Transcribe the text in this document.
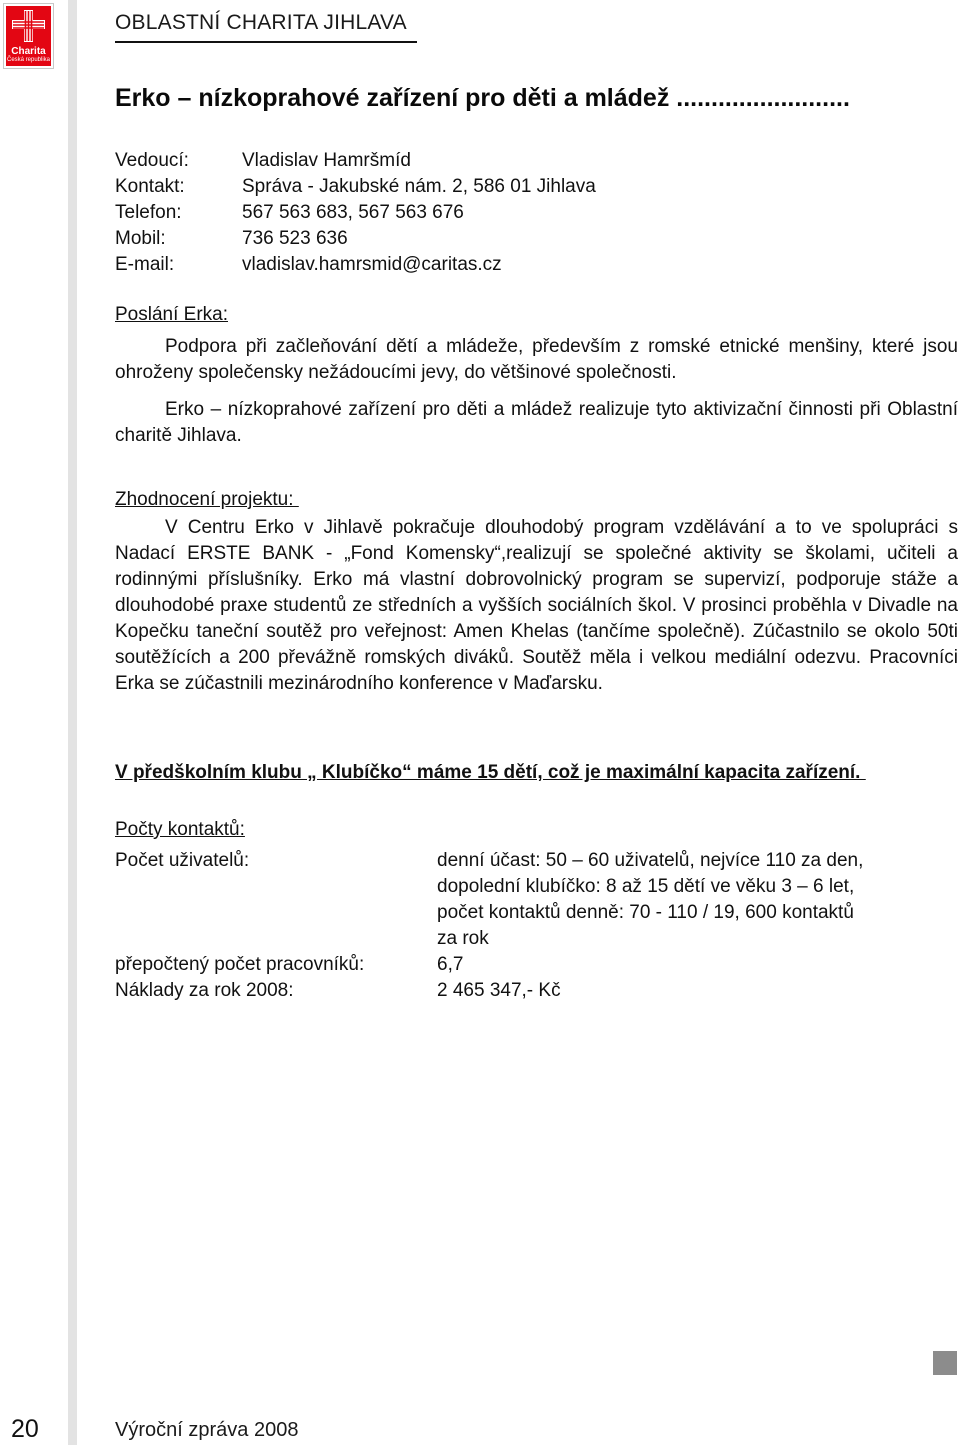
Charita
Česká republika
OBLASTNÍ CHARITA JIHLAVA
Erko – nízkoprahové zařízení pro děti a mládež .........................
Vedoucí:	Vladislav Hamršmíd
Kontakt:	Správa - Jakubské nám. 2, 586 01 Jihlava
Telefon:	567 563 683, 567 563 676
Mobil:	736 523 636
E-mail:	vladislav.hamrsmid@caritas.cz
Poslání Erka:

Podpora při začleňování dětí a mládeže, především z romské etnické menšiny, které jsou ohroženy společensky nežádoucími jevy, do většinové společnosti.

Erko – nízkoprahové zařízení pro děti a mládež realizuje tyto aktivizační činnosti při Oblastní charitě Jihlava.

Zhodnocení projektu:

V Centru Erko v Jihlavě pokračuje dlouhodobý program vzdělávání a to ve spolupráci s Nadací ERSTE BANK - „Fond Komensky“,realizují se společné aktivity se školami, učiteli a rodinnými příslušníky. Erko má vlastní dobrovolnický program se supervizí, podporuje stáže a dlouhodobé praxe studentů ze středních a vyšších sociálních škol. V prosinci proběhla v Divadle na Kopečku taneční soutěž pro veřejnost: Amen Khelas (tančíme společně). Zúčastnilo se okolo 50ti soutěžících a 200 převážně romských diváků. Soutěž měla i velkou mediální odezvu. Pracovníci Erka se zúčastnili mezinárodního konference v Maďarsku.

V předškolním klubu „ Klubíčko“ máme 15 dětí, což je maximální kapacita zařízení.
Počty kontaktů:
Počet uživatelů:	denní účast: 50 – 60 uživatelů, nejvíce 110 za den,
dopolední klubíčko: 8 až 15 dětí ve věku 3 – 6 let,
počet kontaktů denně: 70 - 110 / 19, 600 kontaktů
za rok
přepočtený počet pracovníků:	6,7
Náklady za rok 2008:	2 465 347,- Kč
20	Výroční zpráva 2008
